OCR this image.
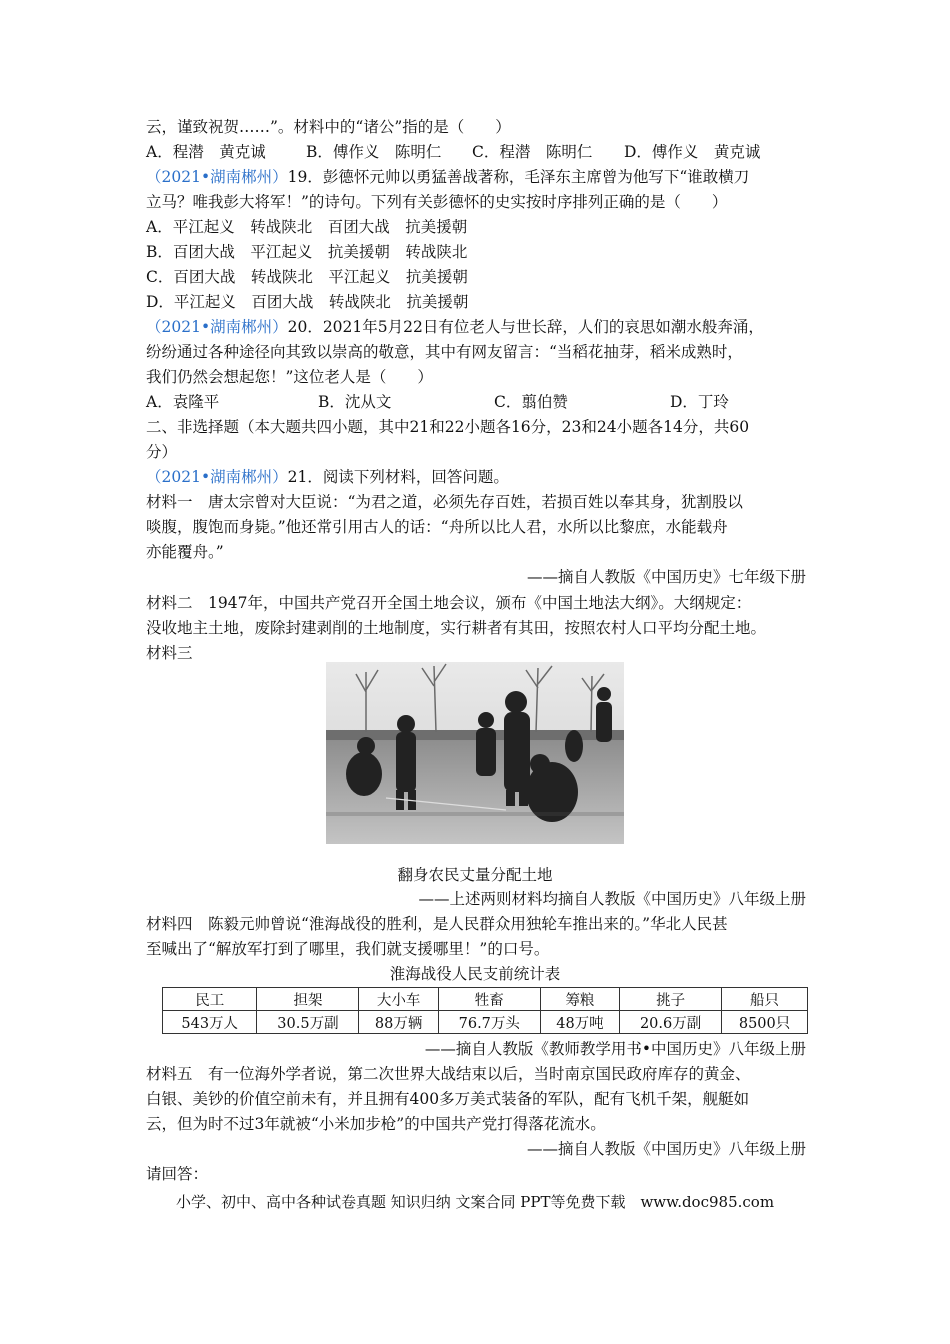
云，谨致祝贺……”。材料中的“诸公”指的是（　　）
A．程潜　黄克诚	B．傅作义　陈明仁 C．程潜　陈明仁 D．傅作义　黄克诚
（2021•湖南郴州）19．彭德怀元帅以勇猛善战著称，毛泽东主席曾为他写下“谁敢横刀
立马？唯我彭大将军！”的诗句。下列有关彭德怀的史实按时序排列正确的是（　　）
A．平江起义　转战陕北　百团大战　抗美援朝
B．百团大战　平江起义　抗美援朝　转战陕北
C．百团大战　转战陕北　平江起义　抗美援朝
D．平江起义　百团大战　转战陕北　抗美援朝
（2021•湖南郴州）20．2021年5月22日有位老人与世长辞，人们的哀思如潮水般奔涌，
纷纷通过各种途径向其致以崇高的敬意，其中有网友留言：“当稻花抽芽，稻米成熟时，
我们仍然会想起您！”这位老人是（　　）
A．袁隆平	B．沈从文	C．翦伯赞	D．丁玲
二、非选择题（本大题共四小题，其中21和22小题各16分，23和24小题各14分，共60
分）
（2021•湖南郴州）21．阅读下列材料，回答问题。
材料一　唐太宗曾对大臣说：“为君之道，必须先存百姓，若损百姓以奉其身，犹割股以
啖腹，腹饱而身毙。”他还常引用古人的话：“舟所以比人君，水所以比黎庶，水能载舟
亦能覆舟。”
——摘自人教版《中国历史》七年级下册
材料二　1947年，中国共产党召开全国土地会议，颁布《中国土地法大纲》。大纲规定：
没收地主土地，废除封建剥削的土地制度，实行耕者有其田，按照农村人口平均分配土地。
材料三
翻身农民丈量分配土地
——上述两则材料均摘自人教版《中国历史》八年级上册
材料四　陈毅元帅曾说“淮海战役的胜利，是人民群众用独轮车推出来的。”华北人民甚
至喊出了“解放军打到了哪里，我们就支援哪里！”的口号。
淮海战役人民支前统计表
民工	担架	大小车	牲畜	筹粮	挑子	船只
543万人	30.5万副	88万辆	76.7万头	48万吨	20.6万副	8500只
——摘自人教版《教师教学用书•中国历史》八年级上册
材料五　有一位海外学者说，第二次世界大战结束以后，当时南京国民政府库存的黄金、
白银、美钞的价值空前未有，并且拥有400多万美式装备的军队，配有飞机千架，舰艇如
云，但为时不过3年就被“小米加步枪”的中国共产党打得落花流水。
——摘自人教版《中国历史》八年级上册
请回答：
小学、初中、高中各种试卷真题 知识归纳 文案合同 PPT等免费下载　www.doc985.com
